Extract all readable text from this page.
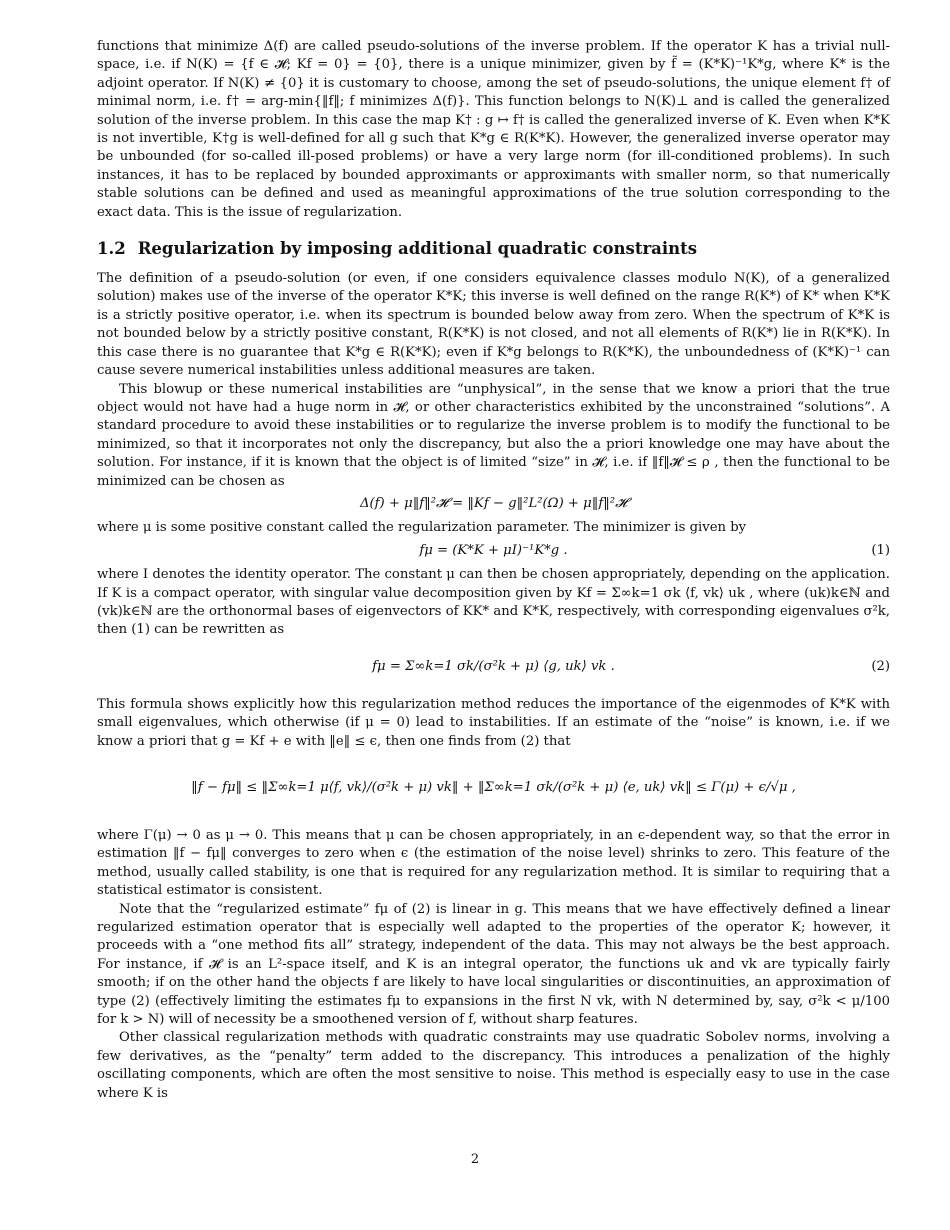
functions that minimize Δ(f) are called pseudo-solutions of the inverse problem. If the operator K has a trivial null-space, i.e. if N(K) = {f ∈ 𝓗; Kf = 0} = {0}, there is a unique minimizer, given by f̃ = (K*K)⁻¹K*g, where K* is the adjoint operator. If N(K) ≠ {0} it is customary to choose, among the set of pseudo-solutions, the unique element f† of minimal norm, i.e. f† = arg-min{‖f‖; f minimizes Δ(f)}. This function belongs to N(K)⊥ and is called the generalized solution of the inverse problem. In this case the map K† : g ↦ f† is called the generalized inverse of K. Even when K*K is not invertible, K†g is well-defined for all g such that K*g ∈ R(K*K). However, the generalized inverse operator may be unbounded (for so-called ill-posed problems) or have a very large norm (for ill-conditioned problems). In such instances, it has to be replaced by bounded approximants or approximants with smaller norm, so that numerically stable solutions can be defined and used as meaningful approximations of the true solution corresponding to the exact data. This is the issue of regularization.

1.2 Regularization by imposing additional quadratic constraints

The definition of a pseudo-solution (or even, if one considers equivalence classes modulo N(K), of a generalized solution) makes use of the inverse of the operator K*K; this inverse is well defined on the range R(K*) of K* when K*K is a strictly positive operator, i.e. when its spectrum is bounded below away from zero. When the spectrum of K*K is not bounded below by a strictly positive constant, R(K*K) is not closed, and not all elements of R(K*) lie in R(K*K). In this case there is no guarantee that K*g ∈ R(K*K); even if K*g belongs to R(K*K), the unboundedness of (K*K)⁻¹ can cause severe numerical instabilities unless additional measures are taken.

This blowup or these numerical instabilities are “unphysical”, in the sense that we know a priori that the true object would not have had a huge norm in 𝓗, or other characteristics exhibited by the unconstrained “solutions”. A standard procedure to avoid these instabilities or to regularize the inverse problem is to modify the functional to be minimized, so that it incorporates not only the discrepancy, but also the a priori knowledge one may have about the solution. For instance, if it is known that the object is of limited “size” in 𝓗, i.e. if ‖f‖𝓗 ≤ ρ , then the functional to be minimized can be chosen as

Δ(f) + μ‖f‖²𝓗 = ‖Kf − g‖²L²(Ω) + μ‖f‖²𝓗

where μ is some positive constant called the regularization parameter. The minimizer is given by

fμ = (K*K + μI)⁻¹K*g .	(1)

where I denotes the identity operator. The constant μ can then be chosen appropriately, depending on the application. If K is a compact operator, with singular value decomposition given by Kf = Σ∞k=1 σk ⟨f, vk⟩ uk , where (uk)k∈ℕ and (vk)k∈ℕ are the orthonormal bases of eigenvectors of KK* and K*K, respectively, with corresponding eigenvalues σ²k, then (1) can be rewritten as

fμ = Σ∞k=1 σk/(σ²k + μ) ⟨g, uk⟩ vk .	(2)

This formula shows explicitly how this regularization method reduces the importance of the eigenmodes of K*K with small eigenvalues, which otherwise (if μ = 0) lead to instabilities. If an estimate of the “noise” is known, i.e. if we know a priori that g = Kf + e with ‖e‖ ≤ ϵ, then one finds from (2) that

‖f − fμ‖ ≤ ‖Σ∞k=1 μ⟨f, vk⟩/(σ²k + μ) vk‖ + ‖Σ∞k=1 σk/(σ²k + μ) ⟨e, uk⟩ vk‖ ≤ Γ(μ) + ϵ/√μ ,

where Γ(μ) → 0 as μ → 0. This means that μ can be chosen appropriately, in an ϵ-dependent way, so that the error in estimation ‖f − fμ‖ converges to zero when ϵ (the estimation of the noise level) shrinks to zero. This feature of the method, usually called stability, is one that is required for any regularization method. It is similar to requiring that a statistical estimator is consistent.

Note that the “regularized estimate” fμ of (2) is linear in g. This means that we have effectively defined a linear regularized estimation operator that is especially well adapted to the properties of the operator K; however, it proceeds with a “one method fits all” strategy, independent of the data. This may not always be the best approach. For instance, if 𝓗 is an L²-space itself, and K is an integral operator, the functions uk and vk are typically fairly smooth; if on the other hand the objects f are likely to have local singularities or discontinuities, an approximation of type (2) (effectively limiting the estimates fμ to expansions in the first N vk, with N determined by, say, σ²k < μ/100 for k > N) will of necessity be a smoothened version of f, without sharp features.

Other classical regularization methods with quadratic constraints may use quadratic Sobolev norms, involving a few derivatives, as the “penalty” term added to the discrepancy. This introduces a penalization of the highly oscillating components, which are often the most sensitive to noise. This method is especially easy to use in the case where K is

2
